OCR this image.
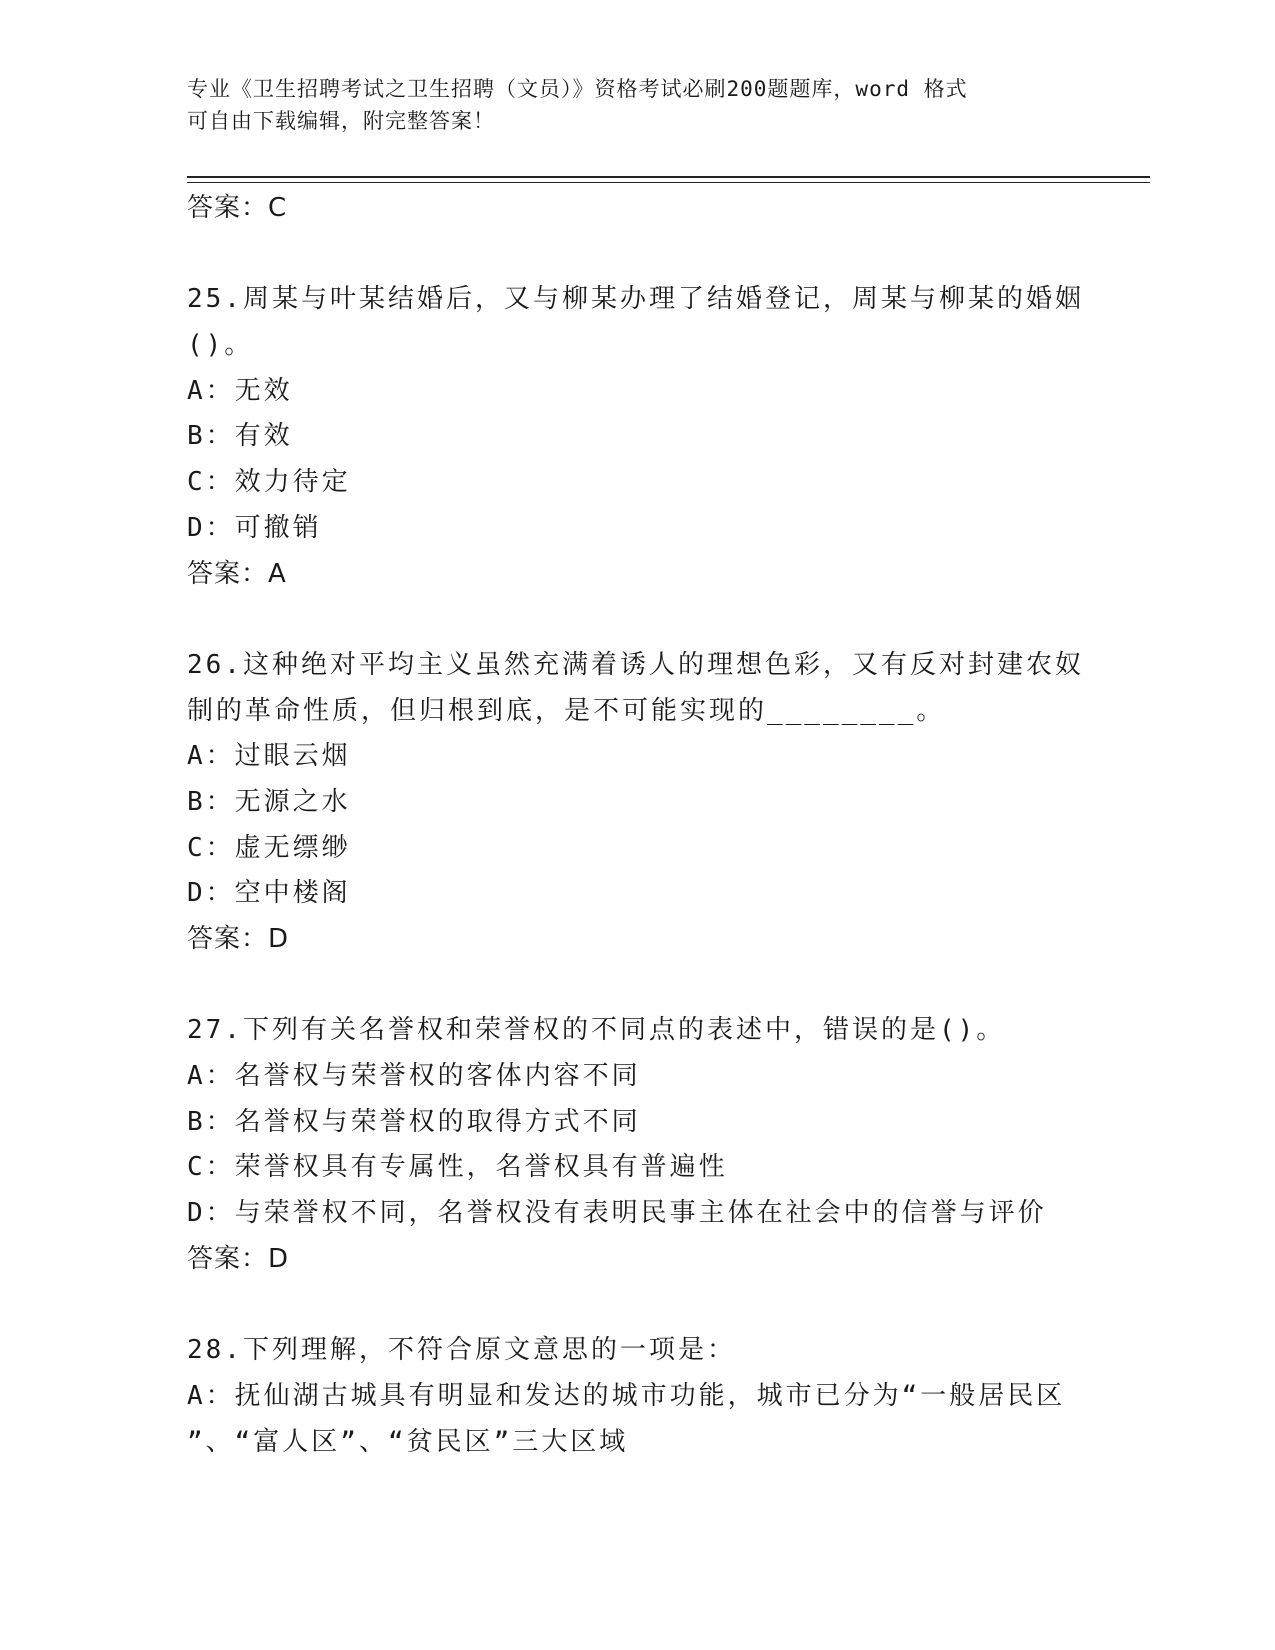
专业《卫生招聘考试之卫生招聘（文员）》资格考试必刷200题题库，word 格式
可自由下载编辑，附完整答案！
答案：C
25.周某与叶某结婚后，又与柳某办理了结婚登记，周某与柳某的婚姻
()。
A：无效
B：有效
C：效力待定
D：可撤销
答案：A
26.这种绝对平均主义虽然充满着诱人的理想色彩，又有反对封建农奴
制的革命性质，但归根到底，是不可能实现的________。
A：过眼云烟
B：无源之水
C：虚无缥缈
D：空中楼阁
答案：D
27.下列有关名誉权和荣誉权的不同点的表述中，错误的是()。
A：名誉权与荣誉权的客体内容不同
B：名誉权与荣誉权的取得方式不同
C：荣誉权具有专属性，名誉权具有普遍性
D：与荣誉权不同，名誉权没有表明民事主体在社会中的信誉与评价
答案：D
28.下列理解，不符合原文意思的一项是：
A：抚仙湖古城具有明显和发达的城市功能，城市已分为“一般居民区
”、“富人区”、“贫民区”三大区域
